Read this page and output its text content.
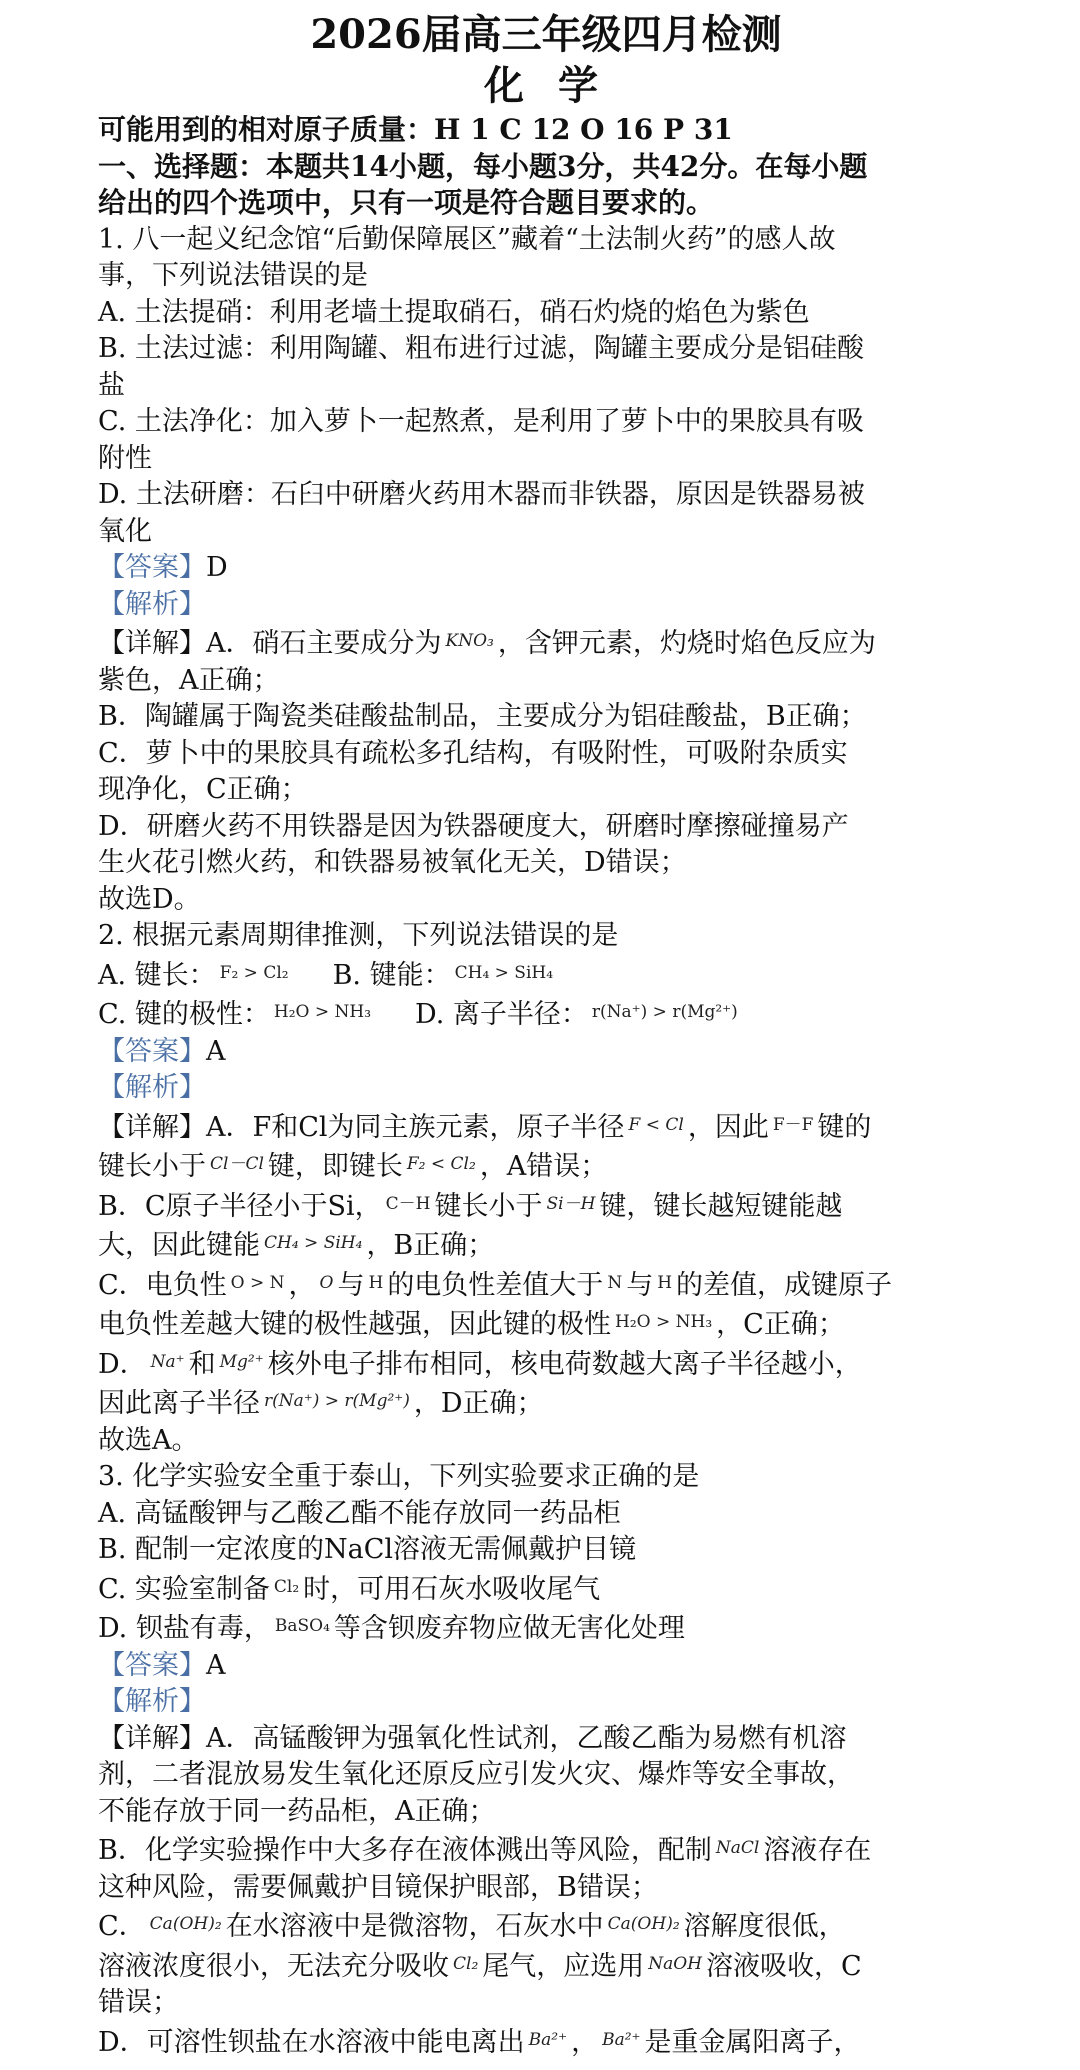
2026届高三年级四月检测
化 学

可能用到的相对原子质量：H 1 C 12 O 16 P 31

一、选择题：本题共14小题，每小题3分，共42分。在每小题

给出的四个选项中，只有一项是符合题目要求的。

1. 八一起义纪念馆“后勤保障展区”藏着“土法制火药”的感人故

事，下列说法错误的是

A. 土法提硝：利用老墙土提取硝石，硝石灼烧的焰色为紫色

B. 土法过滤：利用陶罐、粗布进行过滤，陶罐主要成分是铝硅酸

盐

C. 土法净化：加入萝卜一起熬煮，是利用了萝卜中的果胶具有吸

附性

D. 土法研磨：石臼中研磨火药用木器而非铁器，原因是铁器易被

氧化

【答案】D

【解析】

【详解】A．硝石主要成分为 $^{KNO_3}$ ，含钾元素，灼烧时焰色反应为

紫色，A正确；

B．陶罐属于陶瓷类硅酸盐制品，主要成分为铝硅酸盐，B正确；

C．萝卜中的果胶具有疏松多孔结构，有吸附性，可吸附杂质实

现净化，C正确；

D．研磨火药不用铁器是因为铁器硬度大，研磨时摩擦碰撞易产

生火花引燃火药，和铁器易被氧化无关，D错误；

故选D。

2. 根据元素周期律推测，下列说法错误的是

A. 键长： $^{F_2 > Cl_2}$ B. 键能： $^{CH_4 > SiH_4}$

C. 键的极性： $^{H_2O > NH_3}$ D. 离子半径： $^{r(Na^+) > r(Mg^{2+})}$

【答案】A

【解析】

【详解】A．F和Cl为同主族元素，原子半径 $^{F < Cl}$ ，因此 $^{F-F}$ 键的

键长小于 $^{Cl-Cl}$ 键，即键长 $^{F_2 < Cl_2}$ ，A错误；

B．C原子半径小于Si， $^{C-H}$ 键长小于 $^{Si-H}$ 键，键长越短键能越

大，因此键能 $^{CH_4 > SiH_4}$ ，B正确；

C．电负性 $^{O > N}$ ， $^O$ 与 $^H$ 的电负性差值大于 $^N$ 与 $^H$ 的差值，成键原子

电负性差越大键的极性越强，因此键的极性 $^{H_2O > NH_3}$ ，C正确；

D． $^{Na^+}$ 和 $^{Mg^{2+}}$ 核外电子排布相同，核电荷数越大离子半径越小，

因此离子半径 $^{r(Na^+) > r(Mg^{2+})}$ ，D正确；

故选A。

3. 化学实验安全重于泰山，下列实验要求正确的是

A. 高锰酸钾与乙酸乙酯不能存放同一药品柜

B. 配制一定浓度的NaCl溶液无需佩戴护目镜

C. 实验室制备 $^{Cl_2}$ 时，可用石灰水吸收尾气

D. 钡盐有毒， $^{BaSO_4}$ 等含钡废弃物应做无害化处理

【答案】A

【解析】

【详解】A．高锰酸钾为强氧化性试剂，乙酸乙酯为易燃有机溶

剂，二者混放易发生氧化还原反应引发火灾、爆炸等安全事故，

不能存放于同一药品柜，A正确；

B．化学实验操作中大多存在液体溅出等风险，配制 $^{NaCl}$ 溶液存在

这种风险，需要佩戴护目镜保护眼部，B错误；

C． $^{Ca(OH)_2}$ 在水溶液中是微溶物，石灰水中 $^{Ca(OH)_2}$ 溶解度很低，

溶液浓度很小，无法充分吸收 $^{Cl_2}$ 尾气，应选用 $^{NaOH}$ 溶液吸收，C

错误；

D．可溶性钡盐在水溶液中能电离出 $^{Ba^{2+}}$ ， $^{Ba^{2+}}$ 是重金属阳离子，
